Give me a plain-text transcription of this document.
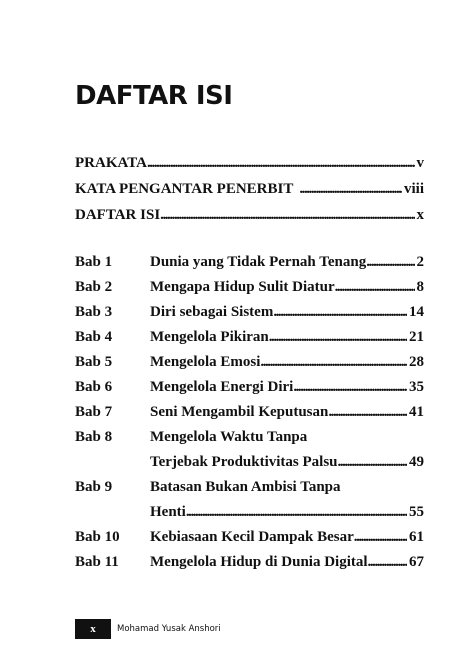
DAFTAR ISI
PRAKATA . . .	v
KATA PENGANTAR PENERBIT . . .	viii
DAFTAR ISI . . .	x
Bab 1	Dunia yang Tidak Pernah Tenang . . .	2
Bab 2	Mengapa Hidup Sulit Diatur . . .	8
Bab 3	Diri sebagai Sistem . . .	14
Bab 4	Mengelola Pikiran . . .	21
Bab 5	Mengelola Emosi . . .	28
Bab 6	Mengelola Energi Diri . . .	35
Bab 7	Seni Mengambil Keputusan . . .	41
Bab 8	Mengelola Waktu Tanpa
Terjebak Produktivitas Palsu . . .	49
Bab 9	Batasan Bukan Ambisi Tanpa
Henti . . .	55
Bab 10	Kebiasaan Kecil Dampak Besar . . .	61
Bab 11	Mengelola Hidup di Dunia Digital . . .	67
x	Mohamad Yusak Anshori
